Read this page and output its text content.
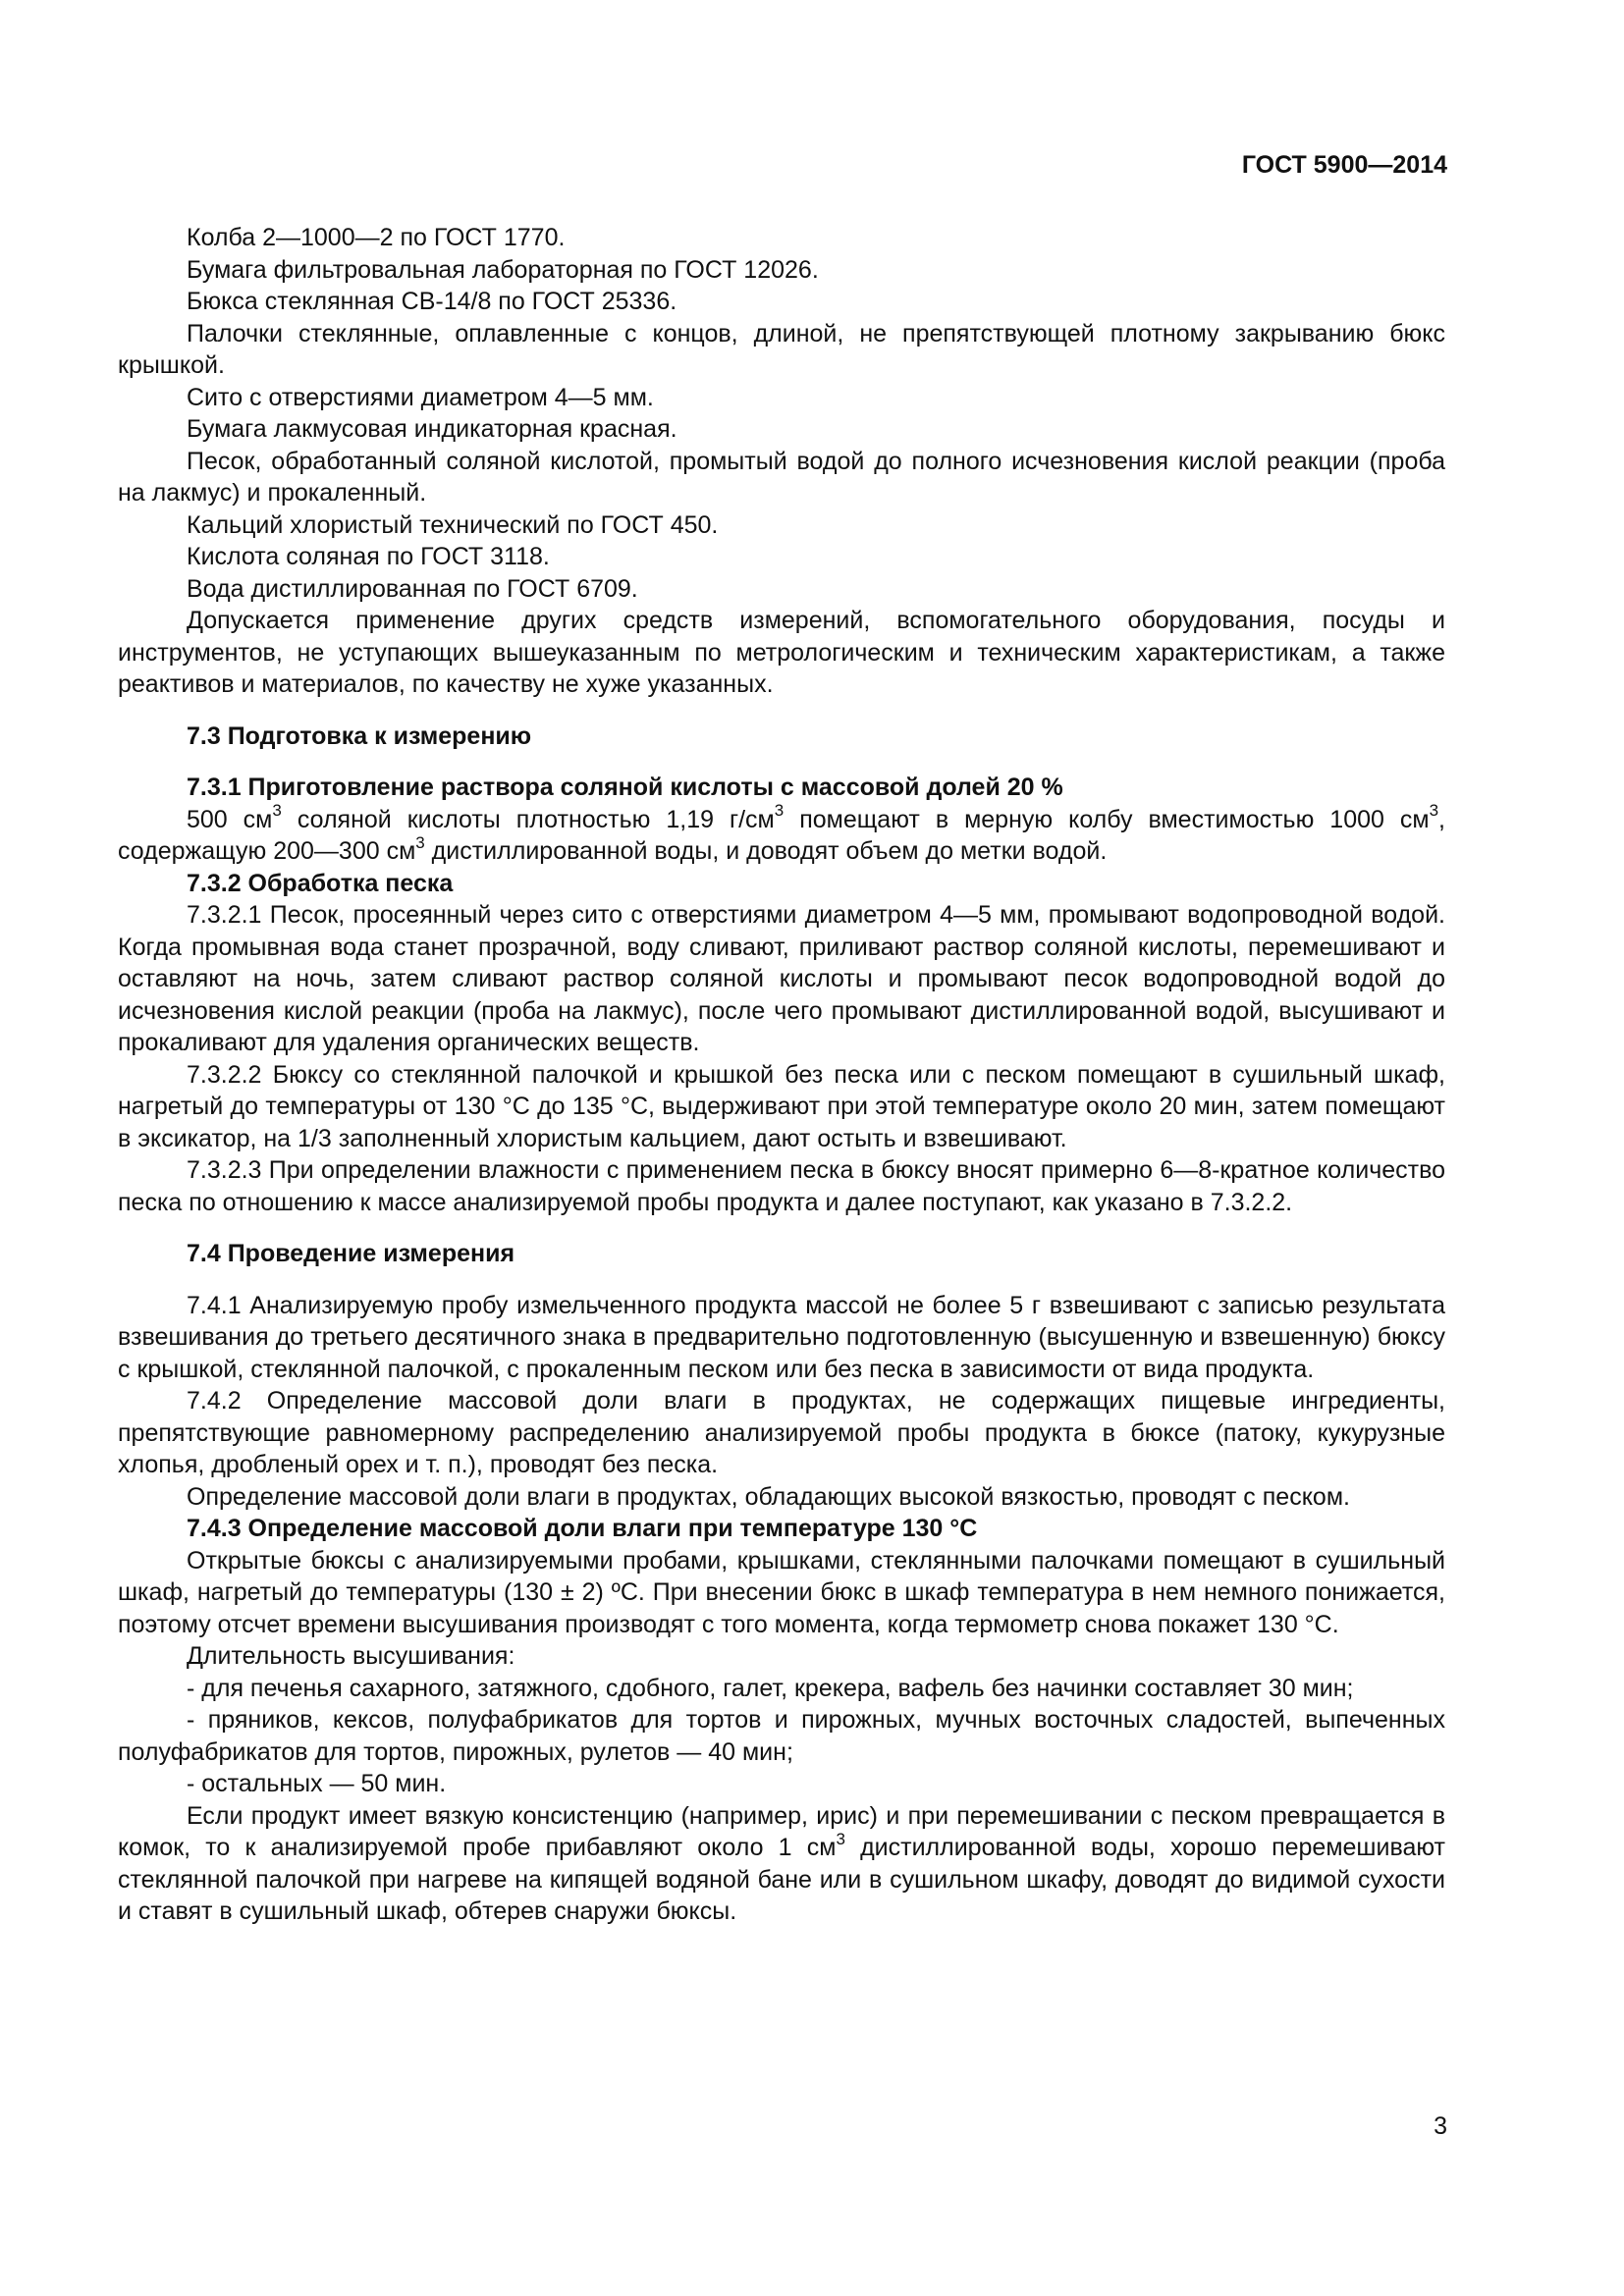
ГОСТ 5900—2014

Колба 2—1000—2 по ГОСТ 1770.

Бумага фильтровальная лабораторная по ГОСТ 12026.

Бюкса стеклянная СВ-14/8 по ГОСТ 25336.

Палочки стеклянные, оплавленные с концов, длиной, не препятствующей плотному закрыванию бюкс крышкой.

Сито с отверстиями диаметром 4—5 мм.

Бумага лакмусовая индикаторная красная.

Песок, обработанный соляной кислотой, промытый водой до полного исчезновения кислой реакции (проба на лакмус) и прокаленный.

Кальций хлористый технический по ГОСТ 450.

Кислота соляная по ГОСТ 3118.

Вода дистиллированная по ГОСТ 6709.

Допускается применение других средств измерений, вспомогательного оборудования, посуды и инструментов, не уступающих вышеуказанным по метрологическим и техническим характеристикам, а также реактивов и материалов, по качеству не хуже указанных.

7.3 Подготовка к измерению

7.3.1 Приготовление раствора соляной кислоты с массовой долей 20 %

500 $см^3$ соляной кислоты плотностью 1,19 $г/см^3$ помещают в мерную колбу вместимостью 1000 $см^3$, содержащую 200—300 $см^3$ дистиллированной воды, и доводят объем до метки водой.

7.3.2 Обработка песка

7.3.2.1 Песок, просеянный через сито с отверстиями диаметром 4—5 мм, промывают водопроводной водой. Когда промывная вода станет прозрачной, воду сливают, приливают раствор соляной кислоты, перемешивают и оставляют на ночь, затем сливают раствор соляной кислоты и промывают песок водопроводной водой до исчезновения кислой реакции (проба на лакмус), после чего промывают дистиллированной водой, высушивают и прокаливают для удаления органических веществ.

7.3.2.2 Бюксу со стеклянной палочкой и крышкой без песка или с песком помещают в сушильный шкаф, нагретый до температуры от 130 °С до 135 °С, выдерживают при этой температуре около 20 мин, затем помещают в эксикатор, на 1/3 заполненный хлористым кальцием, дают остыть и взвешивают.

7.3.2.3 При определении влажности с применением песка в бюксу вносят примерно 6—8-кратное количество песка по отношению к массе анализируемой пробы продукта и далее поступают, как указано в 7.3.2.2.

7.4 Проведение измерения

7.4.1 Анализируемую пробу измельченного продукта массой не более 5 г взвешивают с записью результата взвешивания до третьего десятичного знака в предварительно подготовленную (высушенную и взвешенную) бюксу с крышкой, стеклянной палочкой, с прокаленным песком или без песка в зависимости от вида продукта.

7.4.2 Определение массовой доли влаги в продуктах, не содержащих пищевые ингредиенты, препятствующие равномерному распределению анализируемой пробы продукта в бюксе (патоку, кукурузные хлопья, дробленый орех и т. п.), проводят без песка.

Определение массовой доли влаги в продуктах, обладающих высокой вязкостью, проводят с песком.

7.4.3 Определение массовой доли влаги при температуре 130 °С

Открытые бюксы с анализируемыми пробами, крышками, стеклянными палочками помещают в сушильный шкаф, нагретый до температуры (130 ± 2) ºС. При внесении бюкс в шкаф температура в нем немного понижается, поэтому отсчет времени высушивания производят с того момента, когда термометр снова покажет 130 °С.

Длительность высушивания:

- для печенья сахарного, затяжного, сдобного, галет, крекера, вафель без начинки составляет 30 мин;

- пряников, кексов, полуфабрикатов для тортов и пирожных, мучных восточных сладостей, выпеченных полуфабрикатов для тортов, пирожных, рулетов — 40 мин;

- остальных — 50 мин.

Если продукт имеет вязкую консистенцию (например, ирис) и при перемешивании с песком превращается в комок, то к анализируемой пробе прибавляют около 1 $см^3$ дистиллированной воды, хорошо перемешивают стеклянной палочкой при нагреве на кипящей водяной бане или в сушильном шкафу, доводят до видимой сухости и ставят в сушильный шкаф, обтерев снаружи бюксы.

3
